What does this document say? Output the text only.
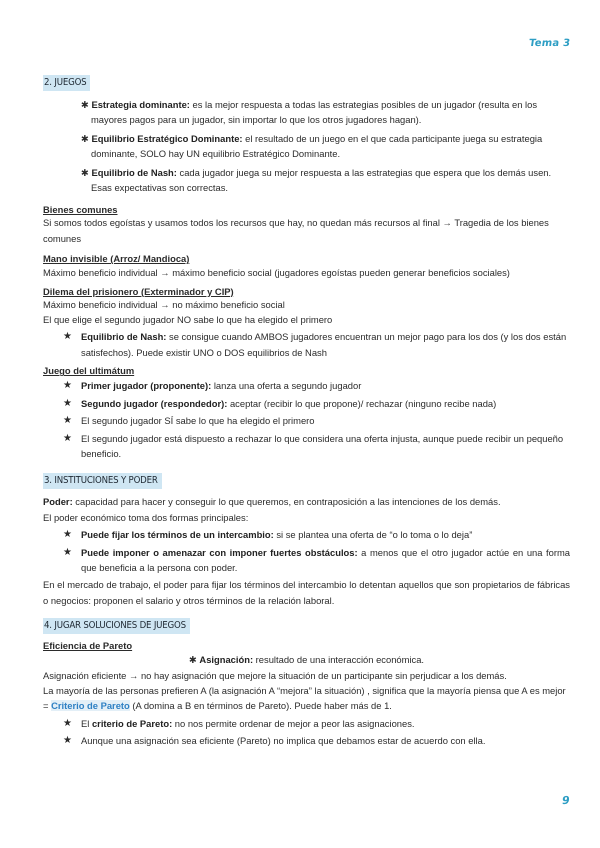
Tema 3
2. JUEGOS
✱ Estrategia dominante: es la mejor respuesta a todas las estrategias posibles de un jugador (resulta en los mayores pagos para un jugador, sin importar lo que los otros jugadores hagan).
✱ Equilibrio Estratégico Dominante: el resultado de un juego en el que cada participante juega su estrategia dominante, SOLO hay UN equilibrio Estratégico Dominante.
✱ Equilibrio de Nash: cada jugador juega su mejor respuesta a las estrategias que espera que los demás usen. Esas expectativas son correctas.
Bienes comunes

Si somos todos egoístas y usamos todos los recursos que hay, no quedan más recursos al final → Tragedia de los bienes comunes

Mano invisible (Arroz/ Mandioca)

Máximo beneficio individual → máximo beneficio social (jugadores egoístas pueden generar beneficios sociales)

Dilema del prisionero (Exterminador y CIP)

Máximo beneficio individual → no máximo beneficio social

El que elige el segundo jugador NO sabe lo que ha elegido el primero

★ Equilibrio de Nash: se consigue cuando AMBOS jugadores encuentran un mejor pago para los dos (y los dos están satisfechos). Puede existir UNO o DOS equilibrios de Nash
Juego del ultimátum
★ Primer jugador (proponente): lanza una oferta a segundo jugador
★ Segundo jugador (respondedor): aceptar (recibir lo que propone)/ rechazar (ninguno recibe nada)
★ El segundo jugador SÍ sabe lo que ha elegido el primero
★ El segundo jugador está dispuesto a rechazar lo que considera una oferta injusta, aunque puede recibir un pequeño beneficio.
3. INSTITUCIONES Y PODER

Poder: capacidad para hacer y conseguir lo que queremos, en contraposición a las intenciones de los demás.

El poder económico toma dos formas principales:

★ Puede fijar los términos de un intercambio: si se plantea una oferta de “o lo toma o lo deja”
★ Puede imponer o amenazar con imponer fuertes obstáculos: a menos que el otro jugador actúe en una forma que beneficia a la persona con poder.

En el mercado de trabajo, el poder para fijar los términos del intercambio lo detentan aquellos que son propietarios de fábricas o negocios: proponen el salario y otros términos de la relación laboral.

4. JUGAR SOLUCIONES DE JUEGOS
Eficiencia de Pareto
✱ Asignación: resultado de una interacción económica.

Asignación eficiente → no hay asignación que mejore la situación de un participante sin perjudicar a los demás.

La mayoría de las personas prefieren A (la asignación A “mejora” la situación) , significa que la mayoría piensa que A es mejor = Criterio de Pareto (A domina a B en términos de Pareto). Puede haber más de 1.

★ El criterio de Pareto: no nos permite ordenar de mejor a peor las asignaciones.
★ Aunque una asignación sea eficiente (Pareto) no implica que debamos estar de acuerdo con ella.
9
